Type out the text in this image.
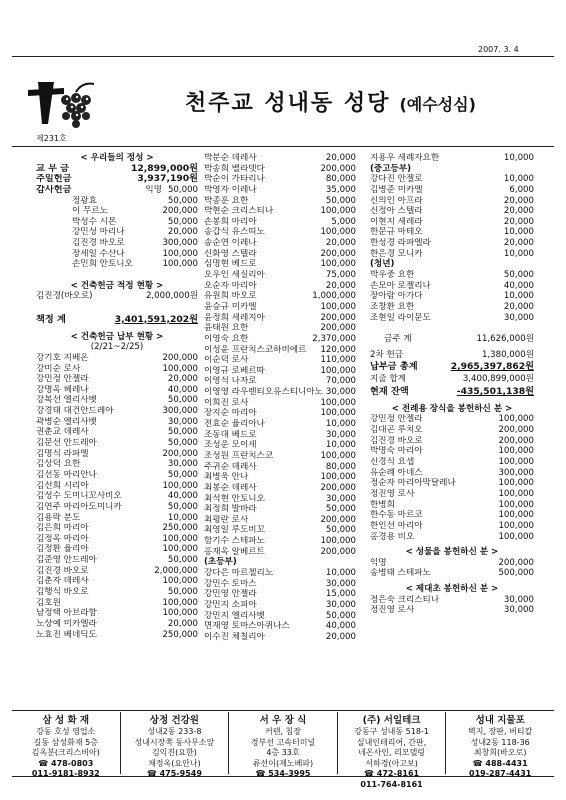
2007. 3. 4
제231호
천주교 성내동 성당 (예수성심)
< 우리들의 정성 >
교 무 금	12,899,000원
주일헌금	3,937,190원
감사헌금	익명 50,000
정광효	50,000
이 무르노	200,000
박성수 시몬	50,000
강민성 마리나	20,000
김진경 바오로	300,000
장세일 수산나	100,000
손민희 안토니오	100,000
< 건축헌금 적정 현황 >
김진경(바오로)	2,000,000원
책정 계	3,401,591,202원
< 건축헌금 납부 현황 >
(2/21~2/25)
강기호 지베온	200,000
강미순 로사	100,000
강민정 안젤라	20,000
강명옥 헤레나	40,000
강복선 엘리사벳	50,000
강경태 대건안드레아	300,000
곽병순 엘리사벳	30,000
권춘교 데레사	50,000
김문선 안드레아	50,000
김명식 라파엘	200,000
김상덕 요한	30,000
김선동 마리안나	50,000
김선희 시리아	100,000
김성수 도미니꼬사비오	40,000
김연주 마리아도미니카	50,000
김용락 분도	10,000
김은희 마리아	250,000
김정옥 마리아	100,000
김정환 율리아	100,000
김준영 안드레아	50,000
김진경 바오로	2,000,000
김춘자 데레사	100,000
김행식 바오로	50,000
김호원	100,000
남정택 아브라함	100,000
노상예 미카엘라	20,000
노효진 베네딕도	250,000
박분순 데레사	20,000
박송희 벨라뎃다	200,000
박순이 가타리나	80,000
박영자 이레나	35,000
박종훈 요한	50,000
박현순 크리스티나	100,000
손봉희 마리아	5,000
송갑식 유스띠노	100,000
송순연 이레나	20,000
신화영 스텔라	200,000
심명현 베드로	100,000
오우인 세실리아	75,000
오순자 마리아	20,000
유원희 바오로	1,000,000
윤승규 미카엘	100,000
윤정희 세레지아	200,000
윤태원 요한	200,000
이영숙 요한	2,370,000
이성윤 프란치스코하비에르	120,000
이순덕 로사	110,000
이영규 로베르따	100,000
이영식 나자로	70,000
이영영 라우렌티오유스티니아노 30,000
이희진 로사	100,000
장지순 마리아	100,000
전효순 율리아나	10,000
조동대 베드로	30,000
조성운 모이세	10,000
조성원 프란치스코	100,000
주귀순 데레사	80,000
최병욱 안나	100,000
최봉순 데레사	200,000
최석현 안토니오	30,000
최정희 발바라	50,000
최평란 로사	200,000
최영일 루도비꼬	50,000
함기수 스테파노	100,000
홍재옥 알베르트	200,000
(초등부)
강다은 마르첼리노	10,000
강민수 토마스	30,000
강민영 안젤라	15,000
강민지 소피아	30,000
강민지 엘리사벳	50,000
면재영 토마스아퀴나스	40,000
이수진 체칠리아	20,000
지용우 세례자요한	10,000
(중고등부)
강다진 안젤로	10,000
김병준 미카엘	6,000
신의인 아프라	20,000
신정아 스텔라	20,000
이현지 세레라	20,000
한문규 마테오	10,000
한성경 라파엘라	20,000
한은경 모니카	10,000
(청년)
박우중 요한	50,000
손모아 로젤리나	40,000
장아람 아가다	10,000
조창환 요한	20,000
조현일 라이문도	30,000
금주 계	11,626,000원
2차 헌금	1,380,000원
납부금 총계	2,965,397,862원
지출 합계	3,400,899,000원
현재 잔액	-435,501,138원
< 전례용 장식을 봉헌하신 분 >
강민정 안젤라	100,000
김대곤 루치오	200,000
김진경 바오로	200,000
박명숙 마리아	100,000
신경식 요셉	100,000
유순례 아네스	300,000
정순자 마리아막달레나	100,000
정진영 로사	100,000
한병희	100,000
한수동 마르코	100,000
한인선 마리아	100,000
홍경용 비오	100,000
< 성물을 봉헌하신 분 >
익명	200,000
송병태 스테파노	500,000
< 제대초 봉헌하신 분 >
정은숙 크리스티나	30,000
정진영 로사	30,000
삼 성 화 재
강동 호성 영업소
길동 삼성화재 5층
김옥분(크리스비아)
☎ 478-0803
011-9181-8932
상정 건강원
성내2동 233-8
성내시장쪽 동사무소앞
김익진(요한)
채정옥(요안나)
☎ 475-9549
서 우 장 식
커텐, 침장
경부선 고속터미널
4층 33호
류선이(제노베파)
☎ 534-3995
(주) 서일테크
강동구 성내동 518-1
실내인테리어, 간판,
네온사인, 리모델링
서하경(아고보)
☎ 472-8161
011-764-8161
성내 지물포
벽지, 장판, 버티칼
성내2동 118-36
최창희(바오로)
☎ 488-4431
019-287-4431
